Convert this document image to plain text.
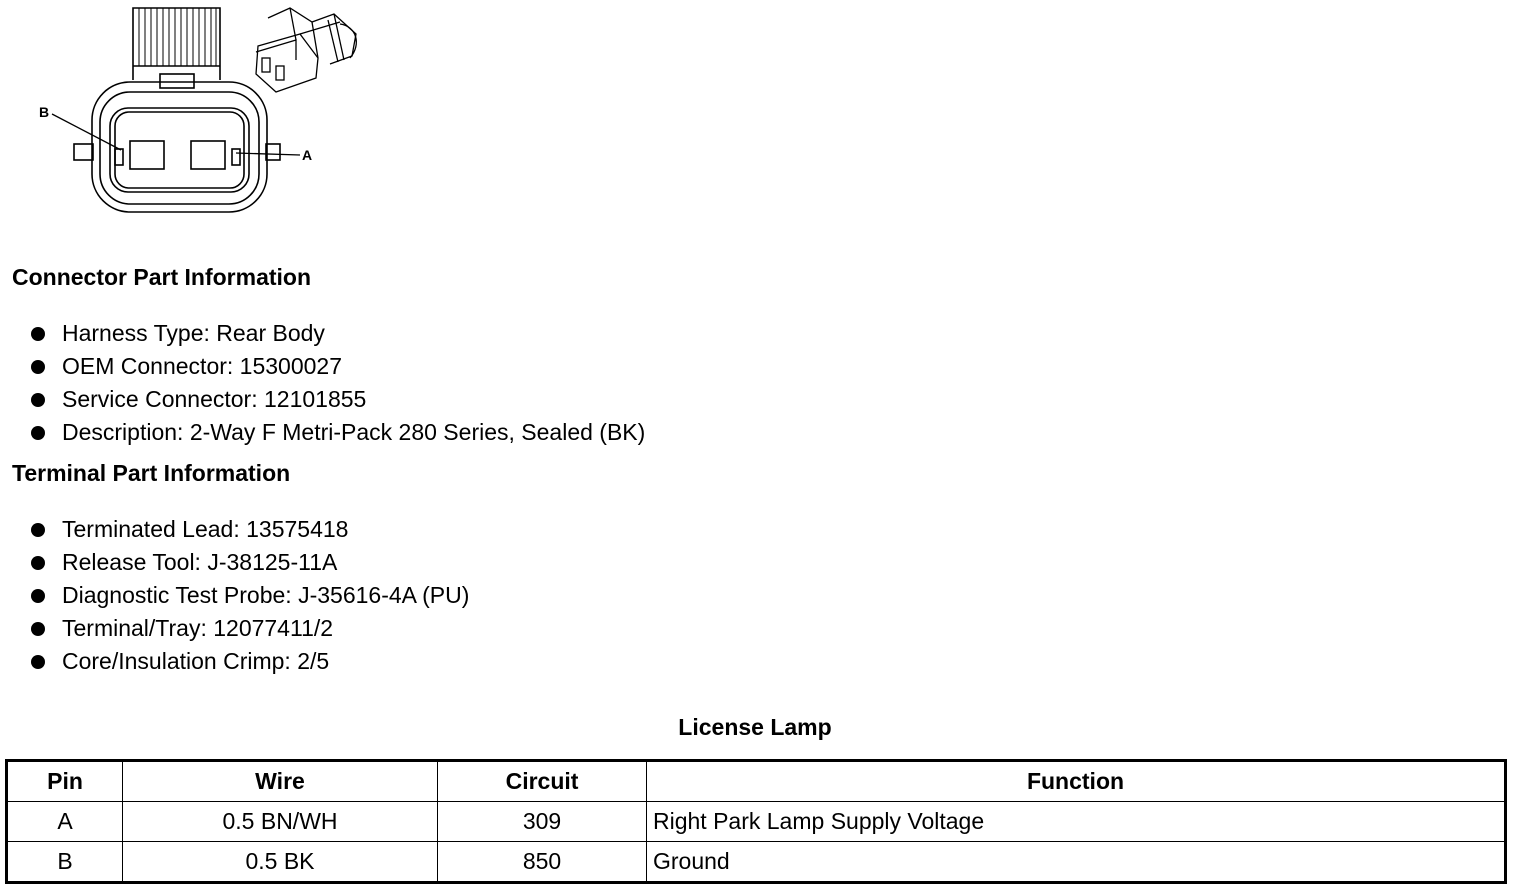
B
A
Connector Part Information
Harness Type: Rear Body
OEM Connector: 15300027
Service Connector: 12101855
Description: 2-Way F Metri-Pack 280 Series, Sealed (BK)
Terminal Part Information
Terminated Lead: 13575418
Release Tool: J-38125-11A
Diagnostic Test Probe: J-35616-4A (PU)
Terminal/Tray: 12077411/2
Core/Insulation Crimp: 2/5
License Lamp
Pin	Wire	Circuit	Function
A	0.5 BN/WH	309	Right Park Lamp Supply Voltage
B	0.5 BK	850	Ground
